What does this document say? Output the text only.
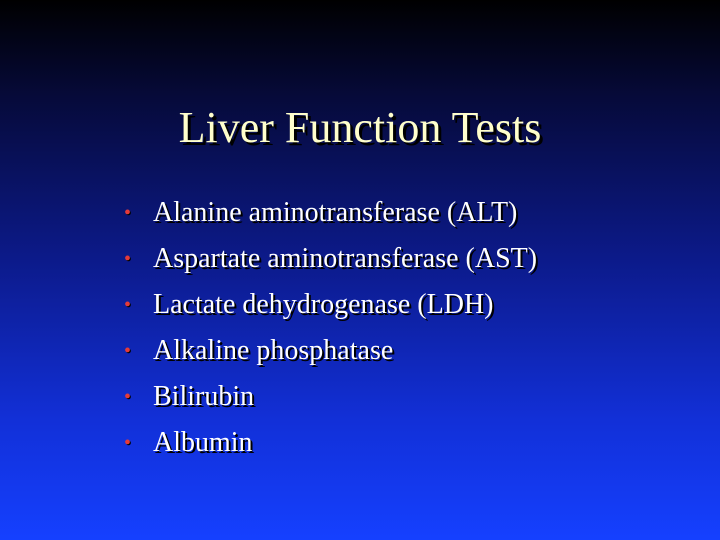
Liver Function Tests
• Alanine aminotransferase (ALT)
• Aspartate aminotransferase (AST)
• Lactate dehydrogenase (LDH)
• Alkaline phosphatase
• Bilirubin
• Albumin
